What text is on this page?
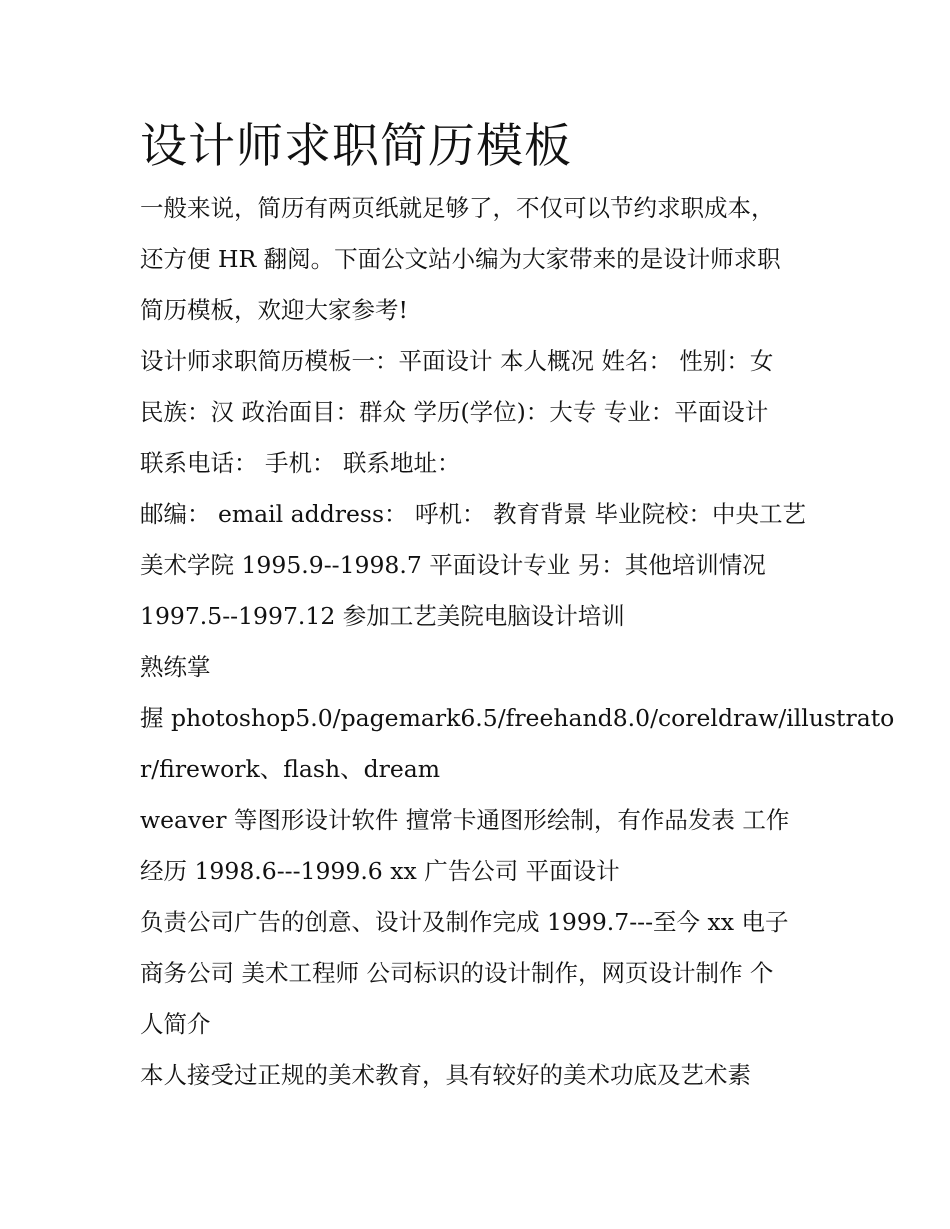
设计师求职简历模板
一般来说，简历有两页纸就足够了，不仅可以节约求职成本，
还方便 HR 翻阅。下面公文站小编为大家带来的是设计师求职
简历模板，欢迎大家参考!
设计师求职简历模板一：平面设计 本人概况 姓名： 性别：女
民族：汉 政治面目：群众 学历(学位)：大专 专业：平面设计
联系电话： 手机： 联系地址：
邮编： email address： 呼机： 教育背景 毕业院校：中央工艺
美术学院 1995.9--1998.7 平面设计专业 另：其他培训情况
1997.5--1997.12 参加工艺美院电脑设计培训
熟练掌
握 photoshop5.0/pagemark6.5/freehand8.0/coreldraw/illustrato
r/firework、flash、dream
weaver 等图形设计软件 擅常卡通图形绘制，有作品发表 工作
经历 1998.6---1999.6 xx 广告公司 平面设计
负责公司广告的创意、设计及制作完成 1999.7---至今 xx 电子
商务公司 美术工程师 公司标识的设计制作，网页设计制作 个
人简介
本人接受过正规的美术教育，具有较好的美术功底及艺术素
